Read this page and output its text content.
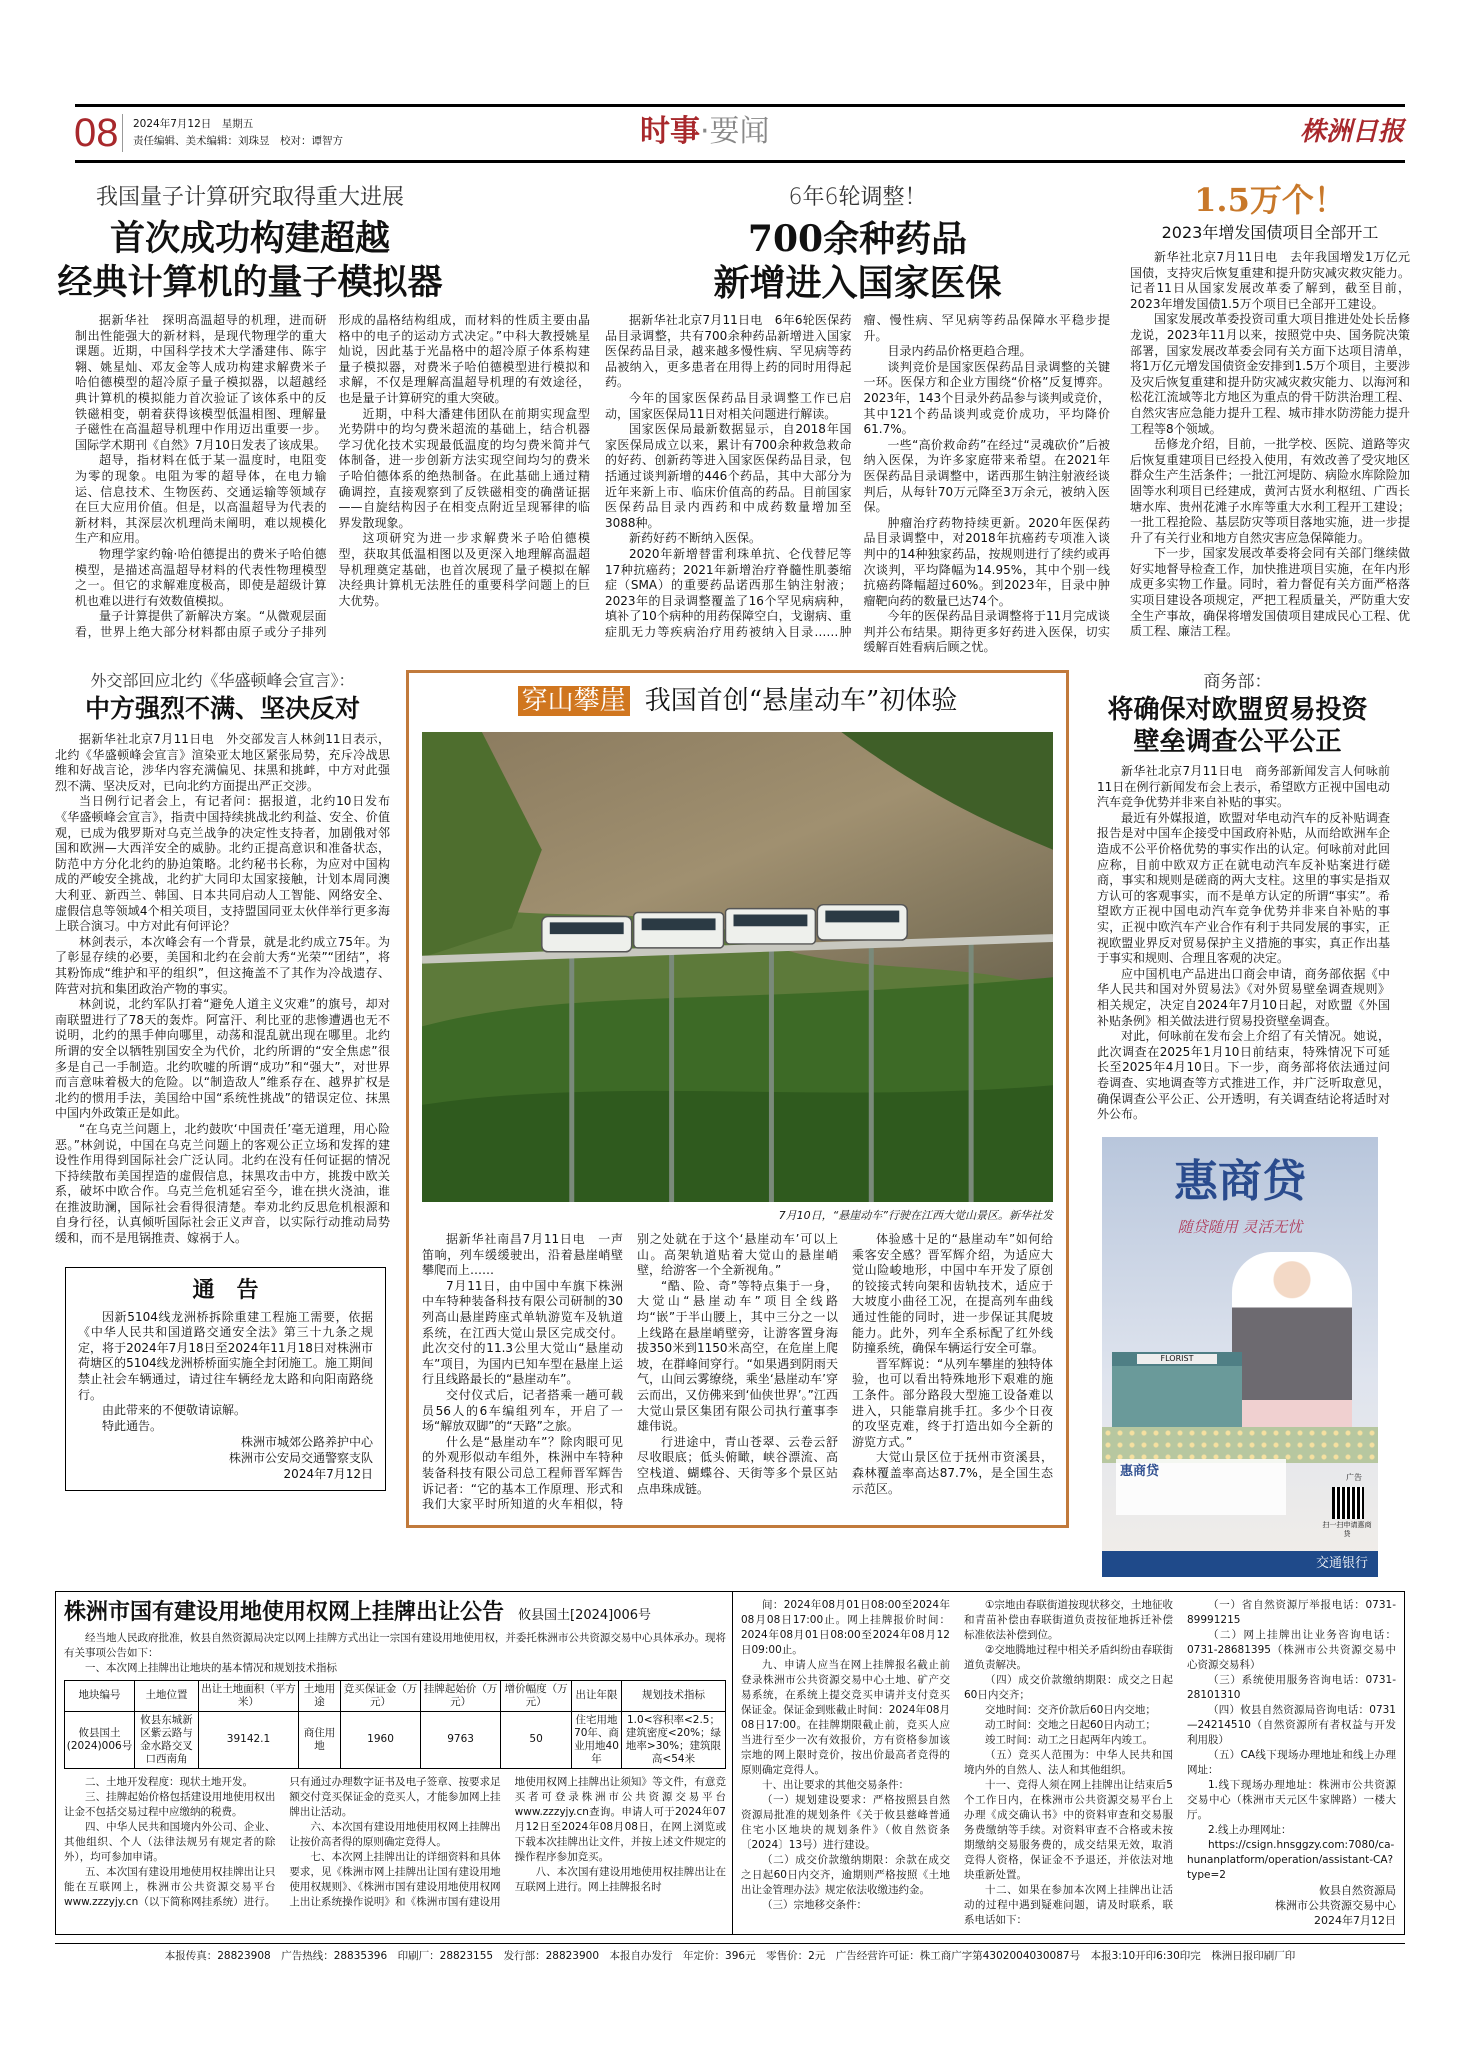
08 2024年7月12日　星期五
责任编辑、美术编辑：刘珠昱　校对：谭智方	时事·要闻	株洲日报
我国量子计算研究取得重大进展
首次成功构建超越
经典计算机的量子模拟器

据新华社　探明高温超导的机理，进而研制出性能强大的新材料，是现代物理学的重大课题。近期，中国科学技术大学潘建伟、陈宇翱、姚星灿、邓友金等人成功构建求解费米子哈伯德模型的超冷原子量子模拟器，以超越经典计算机的模拟能力首次验证了该体系中的反铁磁相变，朝着获得该模型低温相图、理解量子磁性在高温超导机理中作用迈出重要一步。国际学术期刊《自然》7月10日发表了该成果。

超导，指材料在低于某一温度时，电阻变为零的现象。电阻为零的超导体，在电力输运、信息技术、生物医药、交通运输等领域存在巨大应用价值。但是，以高温超导为代表的新材料，其深层次机理尚未阐明，难以规模化生产和应用。

物理学家约翰·哈伯德提出的费米子哈伯德模型，是描述高温超导材料的代表性物理模型之一。但它的求解难度极高，即使是超级计算机也难以进行有效数值模拟。

量子计算提供了新解决方案。“从微观层面看，世界上绝大部分材料都由原子或分子排列形成的晶格结构组成，而材料的性质主要由晶格中的电子的运动方式决定。”中科大教授姚星灿说，因此基于光晶格中的超冷原子体系构建量子模拟器，对费米子哈伯德模型进行模拟和求解，不仅是理解高温超导机理的有效途径，也是量子计算研究的重大突破。

近期，中科大潘建伟团队在前期实现盒型光势阱中的均匀费米超流的基础上，结合机器学习优化技术实现最低温度的均匀费米简并气体制备，进一步创新方法实现空间均匀的费米子哈伯德体系的绝热制备。在此基础上通过精确调控，直接观察到了反铁磁相变的确凿证据——自旋结构因子在相变点附近呈现幂律的临界发散现象。

这项研究为进一步求解费米子哈伯德模型，获取其低温相图以及更深入地理解高温超导机理奠定基础，也首次展现了量子模拟在解决经典计算机无法胜任的重要科学问题上的巨大优势。

6年6轮调整！
700余种药品
新增进入国家医保

据新华社北京7月11日电　6年6轮医保药品目录调整，共有700余种药品新增进入国家医保药品目录，越来越多慢性病、罕见病等药品被纳入，更多患者在用得上药的同时用得起药。

今年的国家医保药品目录调整工作已启动，国家医保局11日对相关问题进行解读。

国家医保局最新数据显示，自2018年国家医保局成立以来，累计有700余种救急救命的好药、创新药等进入国家医保药品目录，包括通过谈判新增的446个药品，其中大部分为近年来新上市、临床价值高的药品。目前国家医保药品目录内西药和中成药数量增加至3088种。

新药好药不断纳入医保。

2020年新增替雷利珠单抗、仑伐替尼等17种抗癌药；2021年新增治疗脊髓性肌萎缩症（SMA）的重要药品诺西那生钠注射液；2023年的目录调整覆盖了16个罕见病病种，填补了10个病种的用药保障空白，戈谢病、重症肌无力等疾病治疗用药被纳入目录……肿瘤、慢性病、罕见病等药品保障水平稳步提升。

目录内药品价格更趋合理。

谈判竞价是国家医保药品目录调整的关键一环。医保方和企业方围绕“价格”反复博弈。2023年，143个目录外药品参与谈判或竞价，其中121个药品谈判或竞价成功，平均降价61.7%。

一些“高价救命药”在经过“灵魂砍价”后被纳入医保，为许多家庭带来希望。在2021年医保药品目录调整中，诺西那生钠注射液经谈判后，从每针70万元降至3万余元，被纳入医保。

肿瘤治疗药物持续更新。2020年医保药品目录调整中，对2018年抗癌药专项准入谈判中的14种独家药品，按规则进行了续约或再次谈判，平均降幅为14.95%，其中个别一线抗癌药降幅超过60%。到2023年，目录中肿瘤靶向药的数量已达74个。

今年的医保药品目录调整将于11月完成谈判并公布结果。期待更多好药进入医保，切实缓解百姓看病后顾之忧。

1.5万个！
2023年增发国债项目全部开工

新华社北京7月11日电　去年我国增发1万亿元国债，支持灾后恢复重建和提升防灾减灾救灾能力。记者11日从国家发展改革委了解到，截至目前，2023年增发国债1.5万个项目已全部开工建设。

国家发展改革委投资司重大项目推进处处长岳修龙说，2023年11月以来，按照党中央、国务院决策部署，国家发展改革委会同有关方面下达项目清单，将1万亿元增发国债资金安排到1.5万个项目，主要涉及灾后恢复重建和提升防灾减灾救灾能力、以海河和松花江流域等北方地区为重点的骨干防洪治理工程、自然灾害应急能力提升工程、城市排水防涝能力提升工程等8个领域。

岳修龙介绍，目前，一批学校、医院、道路等灾后恢复重建项目已经投入使用，有效改善了受灾地区群众生产生活条件；一批江河堤防、病险水库除险加固等水利项目已经建成，黄河古贤水利枢纽、广西长塘水库、贵州花滩子水库等重大水利工程开工建设；一批工程抢险、基层防灾等项目落地实施，进一步提升了有关行业和地方自然灾害应急保障能力。

下一步，国家发展改革委将会同有关部门继续做好实地督导检查工作，加快推进项目实施，在年内形成更多实物工作量。同时，着力督促有关方面严格落实项目建设各项规定，严把工程质量关，严防重大安全生产事故，确保将增发国债项目建成民心工程、优质工程、廉洁工程。

外交部回应北约《华盛顿峰会宣言》：
中方强烈不满、坚决反对

据新华社北京7月11日电　外交部发言人林剑11日表示，北约《华盛顿峰会宣言》渲染亚太地区紧张局势，充斥冷战思维和好战言论，涉华内容充满偏见、抹黑和挑衅，中方对此强烈不满、坚决反对，已向北约方面提出严正交涉。

当日例行记者会上，有记者问：据报道，北约10日发布《华盛顿峰会宣言》，指责中国持续挑战北约利益、安全、价值观，已成为俄罗斯对乌克兰战争的决定性支持者，加剧俄对邻国和欧洲—大西洋安全的威胁。北约正提高意识和准备状态，防范中方分化北约的胁迫策略。北约秘书长称，为应对中国构成的严峻安全挑战，北约扩大同印太国家接触，计划本周同澳大利亚、新西兰、韩国、日本共同启动人工智能、网络安全、虚假信息等领域4个相关项目，支持盟国同亚太伙伴举行更多海上联合演习。中方对此有何评论？

林剑表示，本次峰会有一个背景，就是北约成立75年。为了彰显存续的必要，美国和北约在会前大秀“光荣”“团结”，将其粉饰成“维护和平的组织”，但这掩盖不了其作为冷战遗存、阵营对抗和集团政治产物的事实。

林剑说，北约军队打着“避免人道主义灾难”的旗号，却对南联盟进行了78天的轰炸。阿富汗、利比亚的悲惨遭遇也无不说明，北约的黑手伸向哪里，动荡和混乱就出现在哪里。北约所谓的安全以牺牲别国安全为代价，北约所谓的“安全焦虑”很多是自己一手制造。北约吹嘘的所谓“成功”和“强大”，对世界而言意味着极大的危险。以“制造敌人”维系存在、越界扩权是北约的惯用手法，美国给中国“系统性挑战”的错误定位、抹黑中国内外政策正是如此。

“在乌克兰问题上，北约鼓吹‘中国责任’毫无道理，用心险恶。”林剑说，中国在乌克兰问题上的客观公正立场和发挥的建设性作用得到国际社会广泛认同。北约在没有任何证据的情况下持续散布美国捏造的虚假信息，抹黑攻击中方，挑拨中欧关系，破坏中欧合作。乌克兰危机延宕至今，谁在拱火浇油，谁在推波助澜，国际社会看得很清楚。奉劝北约反思危机根源和自身行径，认真倾听国际社会正义声音，以实际行动推动局势缓和，而不是甩锅推责、嫁祸于人。

通　告

因新5104线龙洲桥拆除重建工程施工需要，依据《中华人民共和国道路交通安全法》第三十九条之规定，将于2024年7月18日至2024年11月18日对株洲市荷塘区的5104线龙洲桥桥面实施全封闭施工。施工期间禁止社会车辆通过，请过往车辆经龙太路和向阳南路绕行。

由此带来的不便敬请谅解。

特此通告。

株洲市城郊公路养护中心
株洲市公安局交通警察支队
2024年7月12日
穿山攀崖 我国首创“悬崖动车”初体验
7月10日，“悬崖动车”行驶在江西大觉山景区。新华社发

据新华社南昌7月11日电　一声笛响，列车缓缓驶出，沿着悬崖峭壁攀爬而上……

7月11日，由中国中车旗下株洲中车特种装备科技有限公司研制的30列高山悬崖跨座式单轨游览车及轨道系统，在江西大觉山景区完成交付。此次交付的11.3公里大觉山“悬崖动车”项目，为国内已知车型在悬崖上运行且线路最长的“悬崖动车”。

交付仪式后，记者搭乘一趟可载员56人的6车编组列车，开启了一场“解放双脚”的“天路”之旅。

什么是“悬崖动车”？除肉眼可见的外观形似动车组外，株洲中车特种装备科技有限公司总工程师晋军辉告诉记者：“它的基本工作原理、形式和我们大家平时所知道的火车相似，特别之处就在于这个‘悬崖动车’可以上山。高架轨道贴着大觉山的悬崖峭壁，给游客一个全新视角。”

“酷、险、奇”等特点集于一身，大觉山“悬崖动车”项目全线路均“嵌”于半山腰上，其中三分之一以上线路在悬崖峭壁旁，让游客置身海拔350米到1150米高空，在危崖上爬坡，在群峰间穿行。“如果遇到阴雨天气，山间云雾缭绕，乘坐‘悬崖动车’穿云而出，又仿佛来到‘仙侠世界’。”江西大觉山景区集团有限公司执行董事李雄伟说。

行进途中，青山苍翠、云卷云舒尽收眼底；低头俯瞰，峡谷漂流、高空栈道、蝴蝶谷、天街等多个景区站点串珠成链。

体验感十足的“悬崖动车”如何给乘客安全感？晋军辉介绍，为适应大觉山险峻地形，中国中车开发了原创的铰接式转向架和齿轨技术，适应于大坡度小曲径工况，在提高列车曲线通过性能的同时，进一步保证其爬坡能力。此外，列车全系标配了红外线防撞系统，确保车辆运行安全可靠。

晋军辉说：“从列车攀崖的独特体验，也可以看出特殊地形下艰难的施工条件。部分路段大型施工设备难以进入，只能靠肩挑手扛。多少个日夜的攻坚克难，终于打造出如今全新的游览方式。”

大觉山景区位于抚州市资溪县，森林覆盖率高达87.7%，是全国生态示范区。

商务部：
将确保对欧盟贸易投资
壁垒调查公平公正

新华社北京7月11日电　商务部新闻发言人何咏前11日在例行新闻发布会上表示，希望欧方正视中国电动汽车竞争优势并非来自补贴的事实。

最近有外媒报道，欧盟对华电动汽车的反补贴调查报告是对中国车企接受中国政府补贴，从而给欧洲车企造成不公平价格优势的事实作出的认定。何咏前对此回应称，目前中欧双方正在就电动汽车反补贴案进行磋商，事实和规则是磋商的两大支柱。这里的事实是指双方认可的客观事实，而不是单方认定的所谓“事实”。希望欧方正视中国电动汽车竞争优势并非来自补贴的事实，正视中欧汽车产业合作有利于共同发展的事实，正视欧盟业界反对贸易保护主义措施的事实，真正作出基于事实和规则、合理且客观的决定。

应中国机电产品进出口商会申请，商务部依据《中华人民共和国对外贸易法》《对外贸易壁垒调查规则》相关规定，决定自2024年7月10日起，对欧盟《外国补贴条例》相关做法进行贸易投资壁垒调查。

对此，何咏前在发布会上介绍了有关情况。她说，此次调查在2025年1月10日前结束，特殊情况下可延长至2025年4月10日。下一步，商务部将依法通过问卷调查、实地调查等方式推进工作，并广泛听取意见，确保调查公平公正、公开透明，有关调查结论将适时对外公布。

惠商贷
随贷随用 灵活无忧
FLORIST
惠商贷	广告
扫一扫申请惠商贷
交通银行
株洲市国有建设用地使用权网上挂牌出让公告 攸县国土[2024]006号

经当地人民政府批准，攸县自然资源局决定以网上挂牌方式出让一宗国有建设用地使用权，并委托株洲市公共资源交易中心具体承办。现将有关事项公告如下：

一、本次网上挂牌出让地块的基本情况和规划技术指标

地块编号	土地位置	出让土地面积（平方米）	土地用途	竞买保证金（万元）	挂牌起始价（万元）	增价幅度（万元）	出让年限	规划技术指标
攸县国土(2024)006号	攸县东城新区紫云路与金水路交叉口西南角	39142.1	商住用地	1960	9763	50	住宅用地70年、商业用地40年	1.0<容积率<2.5；建筑密度<20%；绿地率>30%；建筑限高<54米

二、土地开发程度：现状土地开发。

三、挂牌起始价格包括建设用地使用权出让金不包括交易过程中应缴纳的税费。

四、中华人民共和国境内外公司、企业、其他组织、个人（法律法规另有规定者的除外），均可参加申请。

五、本次国有建设用地使用权挂牌出让只能在互联网上，株洲市公共资源交易平台www.zzzyjy.cn（以下简称网挂系统）进行。只有通过办理数字证书及电子签章、按要求足额交付竞买保证金的竞买人，才能参加网上挂牌出让活动。

六、本次国有建设用地使用权网上挂牌出让按价高者得的原则确定竞得人。

七、本次网上挂牌出让的详细资料和具体要求，见《株洲市网上挂牌出让国有建设用地使用权规则》、《株洲市国有建设用地使用权网上出让系统操作说明》和《株洲市国有建设用地使用权网上挂牌出让须知》等文件，有意竞买者可登录株洲市公共资源交易平台www.zzzyjy.cn查询。申请人可于2024年07月12日至2024年08月08日，在网上浏览或下载本次挂牌出让文件，并按上述文件规定的操作程序参加竞买。

八、本次国有建设用地使用权挂牌出让在互联网上进行。网上挂牌报名时

间：2024年08月01日08:00至2024年08月08日17:00止。网上挂牌报价时间：2024年08月01日08:00至2024年08月12日09:00止。

九、申请人应当在网上挂牌报名截止前登录株洲市公共资源交易中心土地、矿产交易系统，在系统上提交竞买申请并支付竞买保证金。保证金到账截止时间：2024年08月08日17:00。在挂牌期限截止前，竞买人应当进行至少一次有效报价，方有资格参加该宗地的网上限时竞价，按出价最高者竞得的原则确定竞得人。

十、出让要求的其他交易条件：

（一）规划建设要求：严格按照县自然资源局批准的规划条件《关于攸县慈峰普通住宅小区地块的规划条件》（攸自然资条〔2024〕13号）进行建设。

（二）成交价款缴纳期限：余款在成交之日起60日内交齐，逾期则严格按照《土地出让金管理办法》规定依法收缴违约金。

（三）宗地移交条件：

①宗地由春联街道按现状移交，土地征收和青苗补偿由春联街道负责按征地拆迁补偿标准依法补偿到位。

②交地腾地过程中相关矛盾纠纷由春联街道负责解决。

（四）成交价款缴纳期限：成交之日起60日内交齐；

交地时间：交齐价款后60日内交地；

动工时间：交地之日起60日内动工；

竣工时间：动工之日起两年内竣工。

（五）竞买人范围为：中华人民共和国境内外的自然人、法人和其他组织。

十一、竞得人须在网上挂牌出让结束后5个工作日内，在株洲市公共资源交易平台上办理《成交确认书》中的资料审查和交易服务费缴纳等手续。对资料审查不合格或未按期缴纳交易服务费的，成交结果无效，取消竞得人资格，保证金不予退还，并依法对地块重新处置。

十二、如果在参加本次网上挂牌出让活动的过程中遇到疑难问题，请及时联系，联系电话如下：

（一）省自然资源厅举报电话：0731-89991215

（二）网上挂牌出让业务咨询电话：0731-28681395（株洲市公共资源交易中心资源交易科）

（三）系统使用服务咨询电话：0731-28101310

（四）攸县自然资源局咨询电话：0731—24214510（自然资源所有者权益与开发利用股）

（五）CA线下现场办理地址和线上办理网址：

1.线下现场办理地址：株洲市公共资源交易中心（株洲市天元区牛家牌路）一楼大厅。

2.线上办理网址：

https://csign.hnsggzy.com:7080/ca-hunanplatform/operation/assistant-CA?type=2

攸县自然资源局
株洲市公共资源交易中心
2024年7月12日
本报传真：28823908　广告热线：28835396　印刷厂：28823155　发行部：28823900　本报自办发行　年定价：396元　零售价：2元　广告经营许可证：株工商广字第4302004030087号　本报3:10开印6:30印完　株洲日报印刷厂印
